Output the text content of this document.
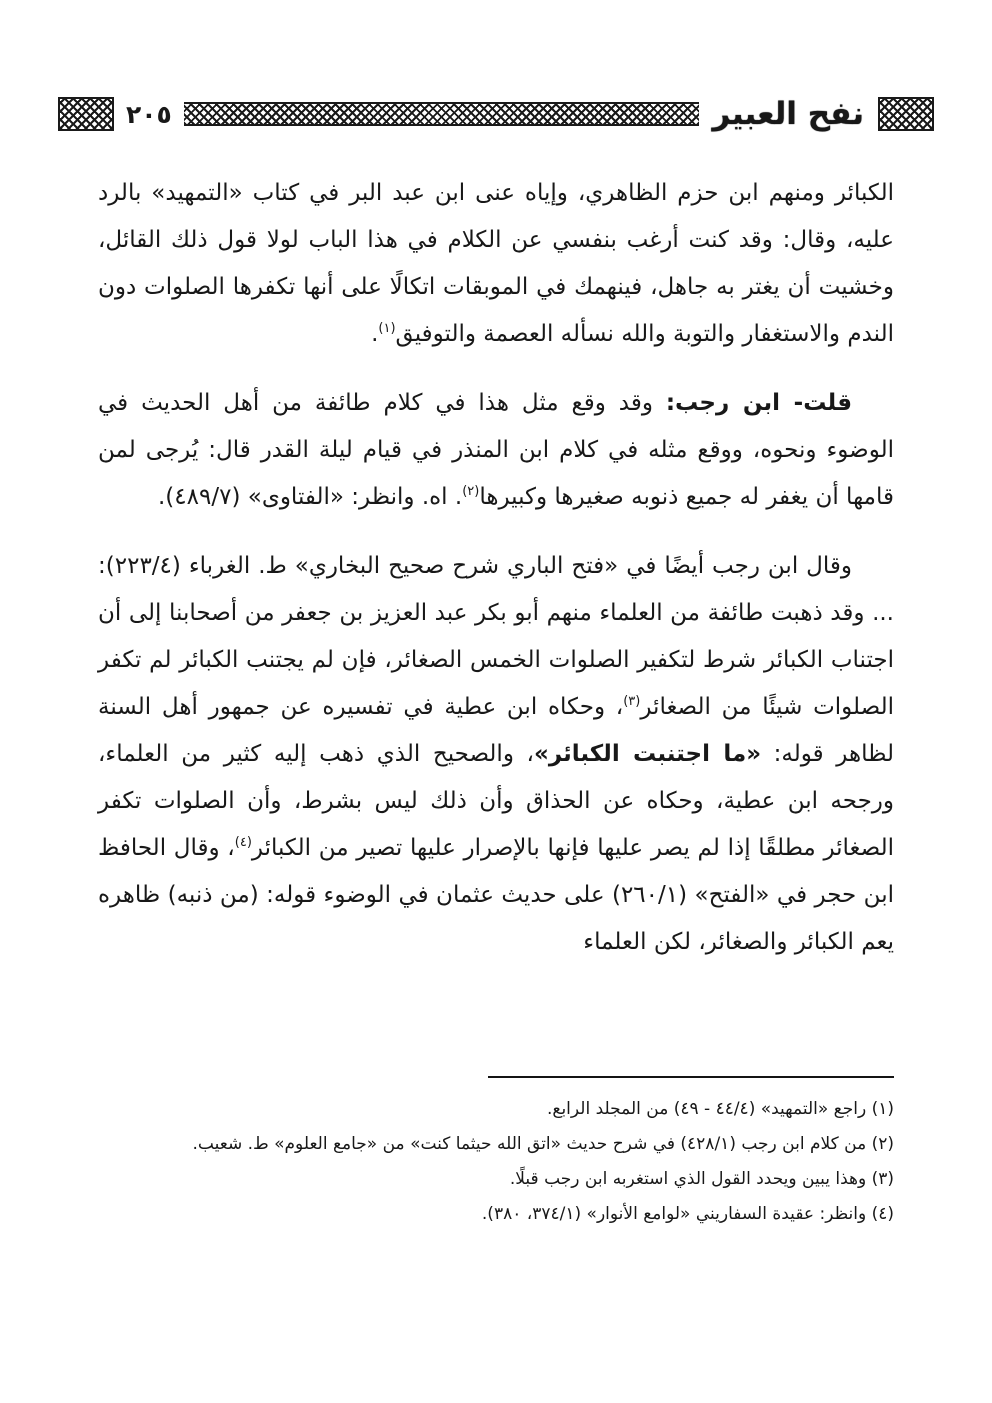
٢٠٥	نفح العبير

الكبائر ومنهم ابن حزم الظاهري، وإياه عنى ابن عبد البر في كتاب «التمهيد» بالرد عليه، وقال: وقد كنت أرغب بنفسي عن الكلام في هذا الباب لولا قول ذلك القائل، وخشيت أن يغتر به جاهل، فينهمك في الموبقات اتكالًا على أنها تكفرها الصلوات دون الندم والاستغفار والتوبة والله نسأله العصمة والتوفيق$^{(١)}$.

قلت- ابن رجب: وقد وقع مثل هذا في كلام طائفة من أهل الحديث في الوضوء ونحوه، ووقع مثله في كلام ابن المنذر في قيام ليلة القدر قال: يُرجى لمن قامها أن يغفر له جميع ذنوبه صغيرها وكبيرها$^{(٢)}$. اه. وانظر: «الفتاوى» (٤٨٩/٧).

وقال ابن رجب أيضًا في «فتح الباري شرح صحيح البخاري» ط. الغرباء (٢٢٣/٤): ... وقد ذهبت طائفة من العلماء منهم أبو بكر عبد العزيز بن جعفر من أصحابنا إلى أن اجتناب الكبائر شرط لتكفير الصلوات الخمس الصغائر، فإن لم يجتنب الكبائر لم تكفر الصلوات شيئًا من الصغائر$^{(٣)}$، وحكاه ابن عطية في تفسيره عن جمهور أهل السنة لظاهر قوله: «ما اجتنبت الكبائر»، والصحيح الذي ذهب إليه كثير من العلماء، ورجحه ابن عطية، وحكاه عن الحذاق وأن ذلك ليس بشرط، وأن الصلوات تكفر الصغائر مطلقًا إذا لم يصر عليها فإنها بالإصرار عليها تصير من الكبائر$^{(٤)}$، وقال الحافظ ابن حجر في «الفتح» (٢٦٠/١) على حديث عثمان في الوضوء قوله: (من ذنبه) ظاهره يعم الكبائر والصغائر، لكن العلماء

(١) راجع «التمهيد» (٤٤/٤ - ٤٩) من المجلد الرابع.
(٢) من كلام ابن رجب (٤٢٨/١) في شرح حديث «اتق الله حيثما كنت» من «جامع العلوم» ط. شعيب.
(٣) وهذا يبين ويحدد القول الذي استغربه ابن رجب قبلًا.
(٤) وانظر: عقيدة السفاريني «لوامع الأنوار» (٣٧٤/١، ٣٨٠).
